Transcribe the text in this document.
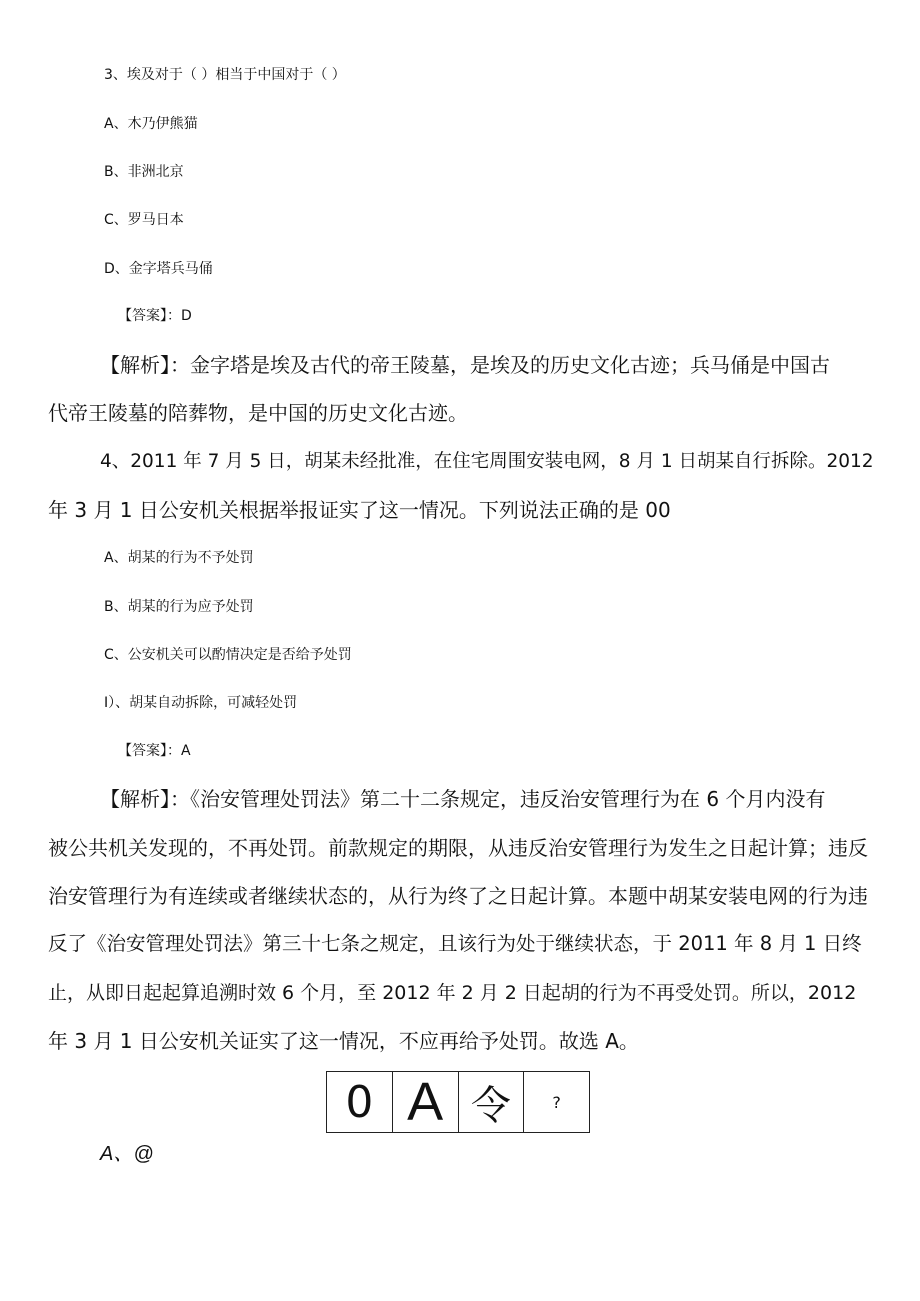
3、埃及对于（ ）相当于中国对于（ ）
A、木乃伊熊猫
B、非洲北京
C、罗马日本
D、金字塔兵马俑
【答案】：D
【解析】：金字塔是埃及古代的帝王陵墓，是埃及的历史文化古迹；兵马俑是中国古
代帝王陵墓的陪葬物，是中国的历史文化古迹。
4、2011 年 7 月 5 日，胡某未经批准，在住宅周围安装电网，8 月 1 日胡某自行拆除。2012
年 3 月 1 日公安机关根据举报证实了这一情况。下列说法正确的是 00
A、胡某的行为不予处罚
B、胡某的行为应予处罚
C、公安机关可以酌情决定是否给予处罚
I）、胡某自动拆除，可减轻处罚
【答案】：A
【解析】：《治安管理处罚法》第二十二条规定，违反治安管理行为在 6 个月内没有
被公共机关发现的，不再处罚。前款规定的期限，从违反治安管理行为发生之日起计算；违反
治安管理行为有连续或者继续状态的，从行为终了之日起计算。本题中胡某安装电网的行为违
反了《治安管理处罚法》第三十七条之规定，且该行为处于继续状态，于 2011 年 8 月 1 日终
止，从即日起起算追溯时效 6 个月，至 2012 年 2 月 2 日起胡的行为不再受处罚。所以，2012
年 3 月 1 日公安机关证实了这一情况，不应再给予处罚。故选 A。
0 A 令	?
A、@
